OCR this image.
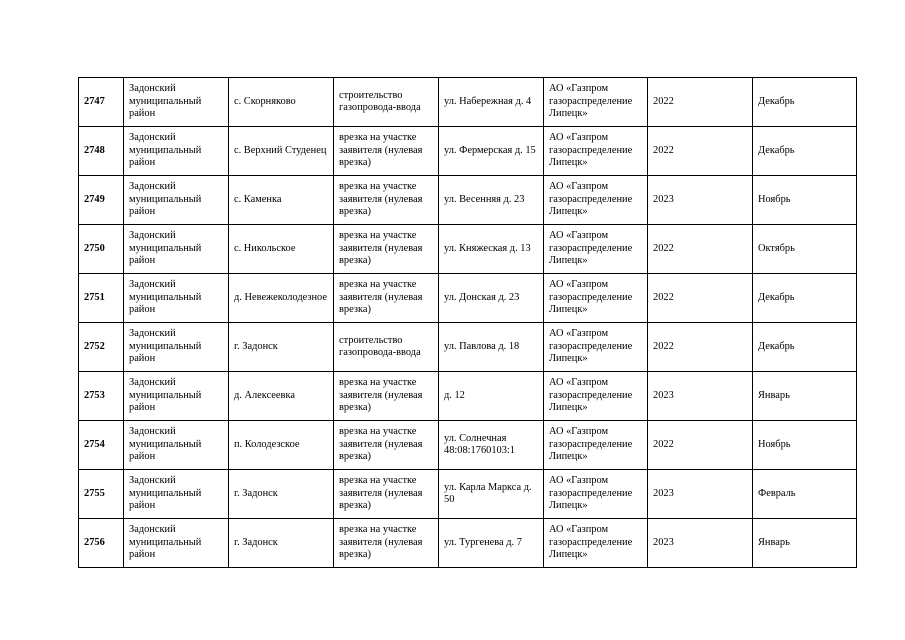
2747	Задонский муниципальный район	с. Скорняково	строительство газопровода-ввода	ул. Набережная д. 4	АО «Газпром газораспределение Липецк»	2022	Декабрь
2748	Задонский муниципальный район	с. Верхний Студенец	врезка на участке заявителя (нулевая врезка)	ул. Фермерская д. 15	АО «Газпром газораспределение Липецк»	2022	Декабрь
2749	Задонский муниципальный район	с. Каменка	врезка на участке заявителя (нулевая врезка)	ул. Весенняя д. 23	АО «Газпром газораспределение Липецк»	2023	Ноябрь
2750	Задонский муниципальный район	с. Никольское	врезка на участке заявителя (нулевая врезка)	ул. Княжеская д. 13	АО «Газпром газораспределение Липецк»	2022	Октябрь
2751	Задонский муниципальный район	д. Невежеколодезное	врезка на участке заявителя (нулевая врезка)	ул. Донская д. 23	АО «Газпром газораспределение Липецк»	2022	Декабрь
2752	Задонский муниципальный район	г. Задонск	строительство газопровода-ввода	ул. Павлова д. 18	АО «Газпром газораспределение Липецк»	2022	Декабрь
2753	Задонский муниципальный район	д. Алексеевка	врезка на участке заявителя (нулевая врезка)	д. 12	АО «Газпром газораспределение Липецк»	2023	Январь
2754	Задонский муниципальный район	п. Колодезское	врезка на участке заявителя (нулевая врезка)	ул. Солнечная 48:08:1760103:1	АО «Газпром газораспределение Липецк»	2022	Ноябрь
2755	Задонский муниципальный район	г. Задонск	врезка на участке заявителя (нулевая врезка)	ул. Карла Маркса д. 50	АО «Газпром газораспределение Липецк»	2023	Февраль
2756	Задонский муниципальный район	г. Задонск	врезка на участке заявителя (нулевая врезка)	ул. Тургенева д. 7	АО «Газпром газораспределение Липецк»	2023	Январь
